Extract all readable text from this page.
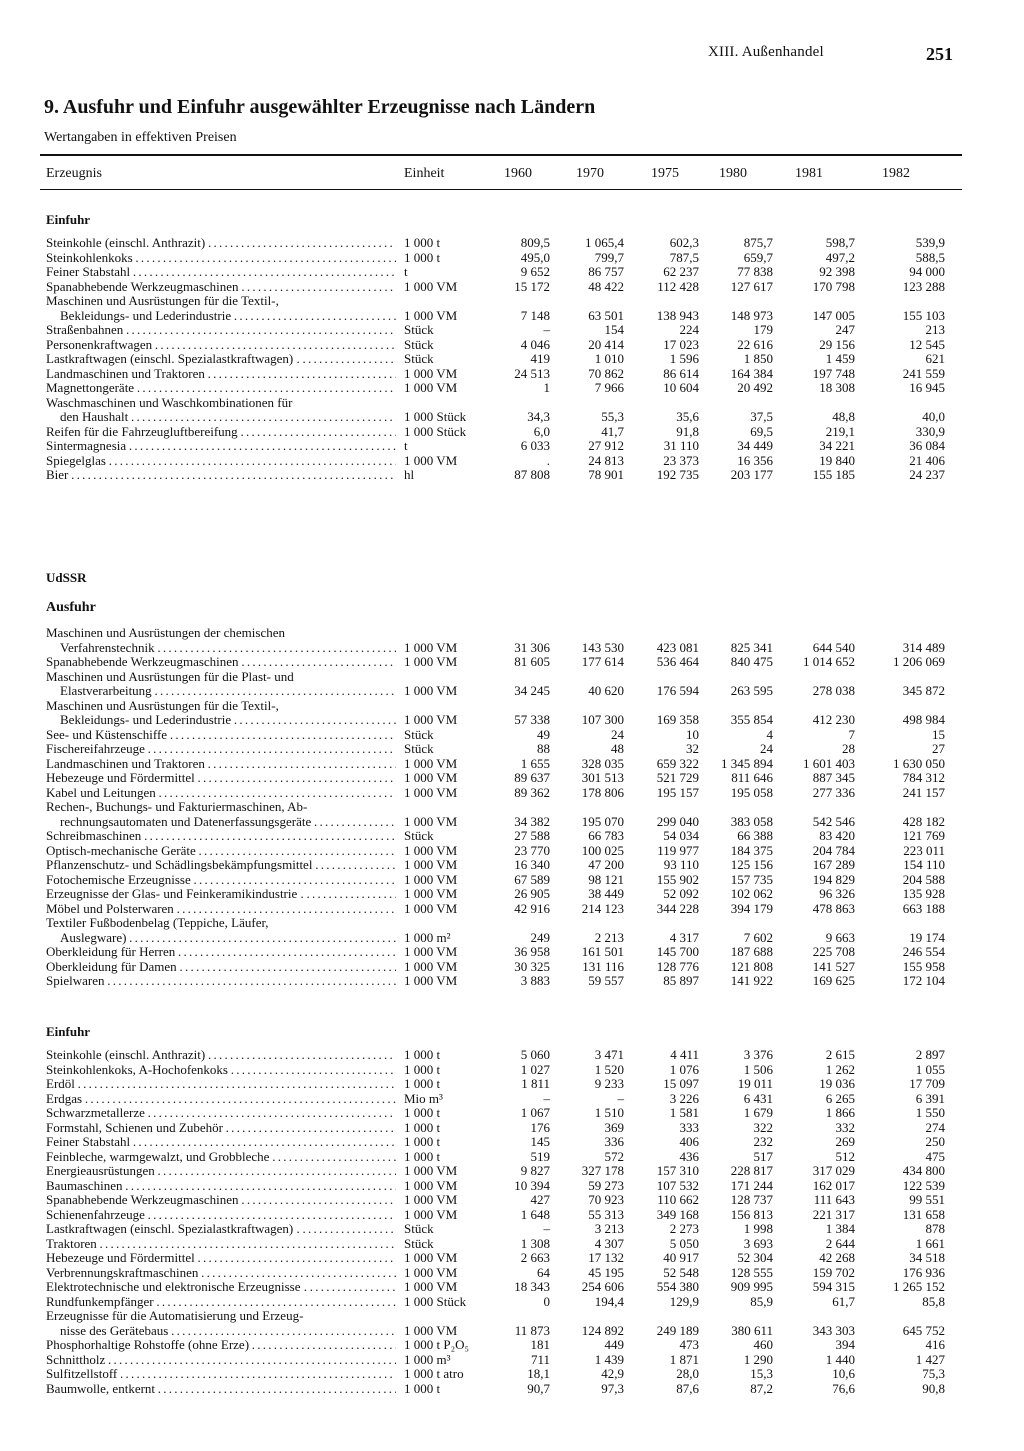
XIII. Außenhandel	251
9. Ausfuhr und Einfuhr ausgewählter Erzeugnisse nach Ländern
Wertangaben in effektiven Preisen
Erzeugnis	Einheit	1960	1970	1975	1980	1981	1982
Einfuhr
Steinkohle (einschl. Anthrazit) . . .	1 000 t	809,5	1 065,4	602,3	875,7	598,7	539,9
Steinkohlenkoks . . .	1 000 t	495,0	799,7	787,5	659,7	497,2	588,5
Feiner Stabstahl . . .	t	9 652	86 757	62 237	77 838	92 398	94 000
Spanabhebende Werkzeugmaschinen . . .	1 000 VM	15 172	48 422	112 428	127 617	170 798	123 288
Maschinen und Ausrüstungen für die Textil-,
Bekleidungs- und Lederindustrie . . .	1 000 VM	7 148	63 501	138 943	148 973	147 005	155 103
Straßenbahnen . . .	Stück	–	154	224	179	247	213
Personenkraftwagen . . .	Stück	4 046	20 414	17 023	22 616	29 156	12 545
Lastkraftwagen (einschl. Spezialastkraftwagen) . . . .	Stück	419	1 010	1 596	1 850	1 459	621
Landmaschinen und Traktoren . . .	1 000 VM	24 513	70 862	86 614	164 384	197 748	241 559
Magnettongeräte . . .	1 000 VM	1	7 966	10 604	20 492	18 308	16 945
Waschmaschinen und Waschkombinationen für
den Haushalt . . .	1 000 Stück	34,3	55,3	35,6	37,5	48,8	40,0
Reifen für die Fahrzeugluftbereifung . . .	1 000 Stück	6,0	41,7	91,8	69,5	219,1	330,9
Sintermagnesia . . .	t	6 033	27 912	31 110	34 449	34 221	36 084
Spiegelglas . . .	1 000 VM	.	24 813	23 373	16 356	19 840	21 406
Bier . . .	hl	87 808	78 901	192 735	203 177	155 185	24 237
UdSSR
Ausfuhr
Maschinen und Ausrüstungen der chemischen
Verfahrenstechnik . . .	1 000 VM	31 306	143 530	423 081	825 341	644 540	314 489
Spanabhebende Werkzeugmaschinen . . .	1 000 VM	81 605	177 614	536 464	840 475	1 014 652	1 206 069
Maschinen und Ausrüstungen für die Plast- und
Elastverarbeitung . . .	1 000 VM	34 245	40 620	176 594	263 595	278 038	345 872
Maschinen und Ausrüstungen für die Textil-,
Bekleidungs- und Lederindustrie . . .	1 000 VM	57 338	107 300	169 358	355 854	412 230	498 984
See- und Küstenschiffe . . .	Stück	49	24	10	4	7	15
Fischereifahrzeuge . . .	Stück	88	48	32	24	28	27
Landmaschinen und Traktoren . . .	1 000 VM	1 655	328 035	659 322	1 345 894	1 601 403	1 630 050
Hebezeuge und Fördermittel . . .	1 000 VM	89 637	301 513	521 729	811 646	887 345	784 312
Kabel und Leitungen . . .	1 000 VM	89 362	178 806	195 157	195 058	277 336	241 157
Rechen-, Buchungs- und Fakturiermaschinen, Ab-
rechnungsautomaten und Datenerfassungsgeräte . . .	1 000 VM	34 382	195 070	299 040	383 058	542 546	428 182
Schreibmaschinen . . .	Stück	27 588	66 783	54 034	66 388	83 420	121 769
Optisch-mechanische Geräte . . .	1 000 VM	23 770	100 025	119 977	184 375	204 784	223 011
Pflanzenschutz- und Schädlingsbekämpfungsmittel . . .	1 000 VM	16 340	47 200	93 110	125 156	167 289	154 110
Fotochemische Erzeugnisse . . .	1 000 VM	67 589	98 121	155 902	157 735	194 829	204 588
Erzeugnisse der Glas- und Feinkeramikindustrie . . . .	1 000 VM	26 905	38 449	52 092	102 062	96 326	135 928
Möbel und Polsterwaren . . .	1 000 VM	42 916	214 123	344 228	394 179	478 863	663 188
Textiler Fußbodenbelag (Teppiche, Läufer,
Auslegware) . . .	1 000 m²	249	2 213	4 317	7 602	9 663	19 174
Oberkleidung für Herren . . .	1 000 VM	36 958	161 501	145 700	187 688	225 708	246 554
Oberkleidung für Damen . . .	1 000 VM	30 325	131 116	128 776	121 808	141 527	155 958
Spielwaren . . .	1 000 VM	3 883	59 557	85 897	141 922	169 625	172 104
Einfuhr
Steinkohle (einschl. Anthrazit) . . .	1 000 t	5 060	3 471	4 411	3 376	2 615	2 897
Steinkohlenkoks, A-Hochofenkoks . . .	1 000 t	1 027	1 520	1 076	1 506	1 262	1 055
Erdöl . . .	1 000 t	1 811	9 233	15 097	19 011	19 036	17 709
Erdgas . . .	Mio m³	–	–	3 226	6 431	6 265	6 391
Schwarzmetallerze . . .	1 000 t	1 067	1 510	1 581	1 679	1 866	1 550
Formstahl, Schienen und Zubehör . . .	1 000 t	176	369	333	322	332	274
Feiner Stabstahl . . .	1 000 t	145	336	406	232	269	250
Feinbleche, warmgewalzt, und Grobbleche . . .	1 000 t	519	572	436	517	512	475
Energieausrüstungen . . .	1 000 VM	9 827	327 178	157 310	228 817	317 029	434 800
Baumaschinen . . .	1 000 VM	10 394	59 273	107 532	171 244	162 017	122 539
Spanabhebende Werkzeugmaschinen . . .	1 000 VM	427	70 923	110 662	128 737	111 643	99 551
Schienenfahrzeuge . . .	1 000 VM	1 648	55 313	349 168	156 813	221 317	131 658
Lastkraftwagen (einschl. Spezialastkraftwagen) . . . .	Stück	–	3 213	2 273	1 998	1 384	878
Traktoren . . .	Stück	1 308	4 307	5 050	3 693	2 644	1 661
Hebezeuge und Fördermittel . . .	1 000 VM	2 663	17 132	40 917	52 304	42 268	34 518
Verbrennungskraftmaschinen . . .	1 000 VM	64	45 195	52 548	128 555	159 702	176 936
Elektrotechnische und elektronische Erzeugnisse . . . .	1 000 VM	18 343	254 606	554 380	909 995	594 315	1 265 152
Rundfunkempfänger . . .	1 000 Stück	0	194,4	129,9	85,9	61,7	85,8
Erzeugnisse für die Automatisierung und Erzeug-
nisse des Gerätebaus . . .	1 000 VM	11 873	124 892	249 189	380 611	343 303	645 752
Phosphorhaltige Rohstoffe (ohne Erze) . . .	1 000 t P₂O₅	181	449	473	460	394	416
Schnittholz . . .	1 000 m³	711	1 439	1 871	1 290	1 440	1 427
Sulfitzellstoff . . .	1 000 t atro	18,1	42,9	28,0	15,3	10,6	75,3
Baumwolle, entkernt . . .	1 000 t	90,7	97,3	87,6	87,2	76,6	90,8
